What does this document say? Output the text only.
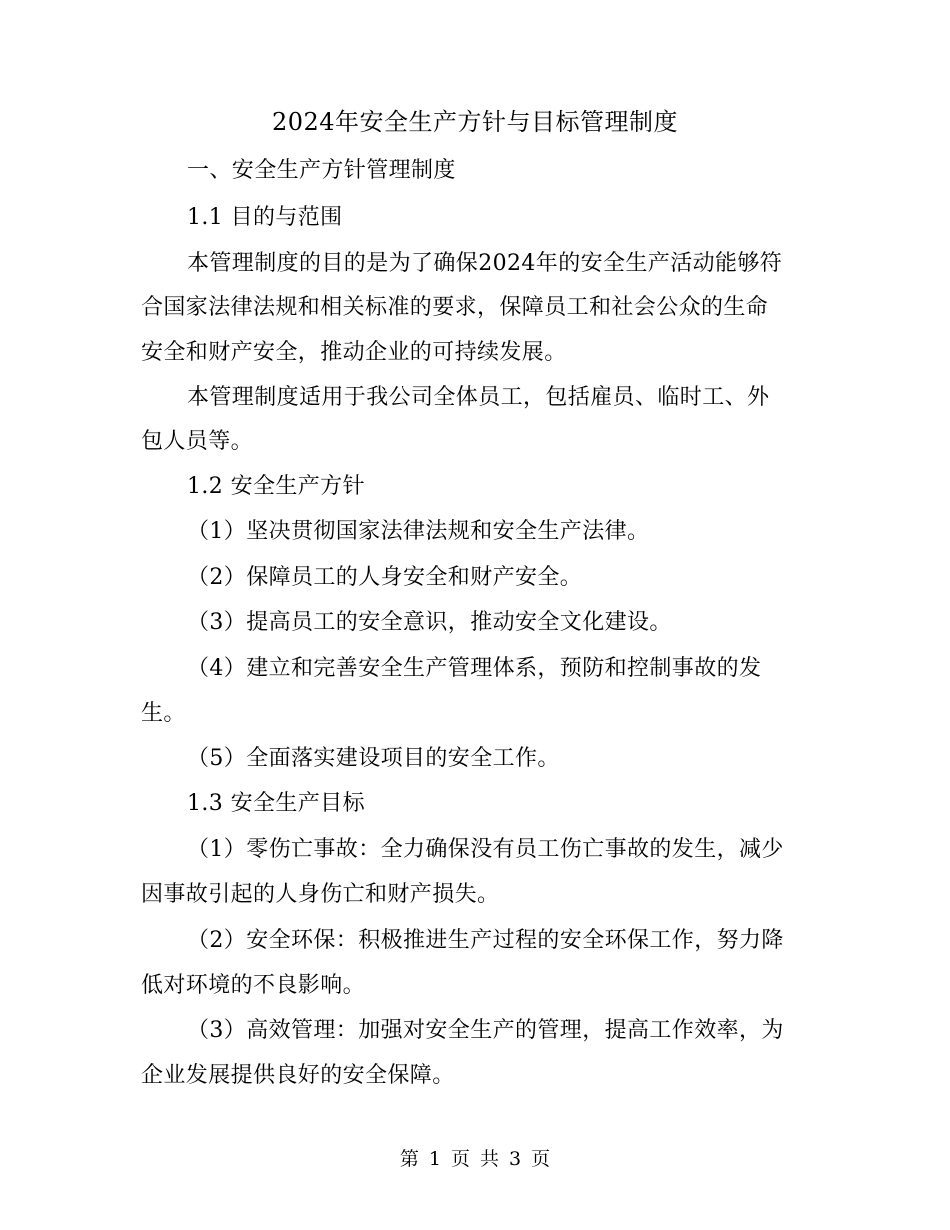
2024年安全生产方针与目标管理制度
一、安全生产方针管理制度
1.1 目的与范围
本管理制度的目的是为了确保2024年的安全生产活动能够符
合国家法律法规和相关标准的要求，保障员工和社会公众的生命
安全和财产安全，推动企业的可持续发展。
本管理制度适用于我公司全体员工，包括雇员、临时工、外
包人员等。
1.2 安全生产方针
（1）坚决贯彻国家法律法规和安全生产法律。
（2）保障员工的人身安全和财产安全。
（3）提高员工的安全意识，推动安全文化建设。
（4）建立和完善安全生产管理体系，预防和控制事故的发
生。
（5）全面落实建设项目的安全工作。
1.3 安全生产目标
（1）零伤亡事故：全力确保没有员工伤亡事故的发生，减少
因事故引起的人身伤亡和财产损失。
（2）安全环保：积极推进生产过程的安全环保工作，努力降
低对环境的不良影响。
（3）高效管理：加强对安全生产的管理，提高工作效率，为
企业发展提供良好的安全保障。
第 1 页 共 3 页
